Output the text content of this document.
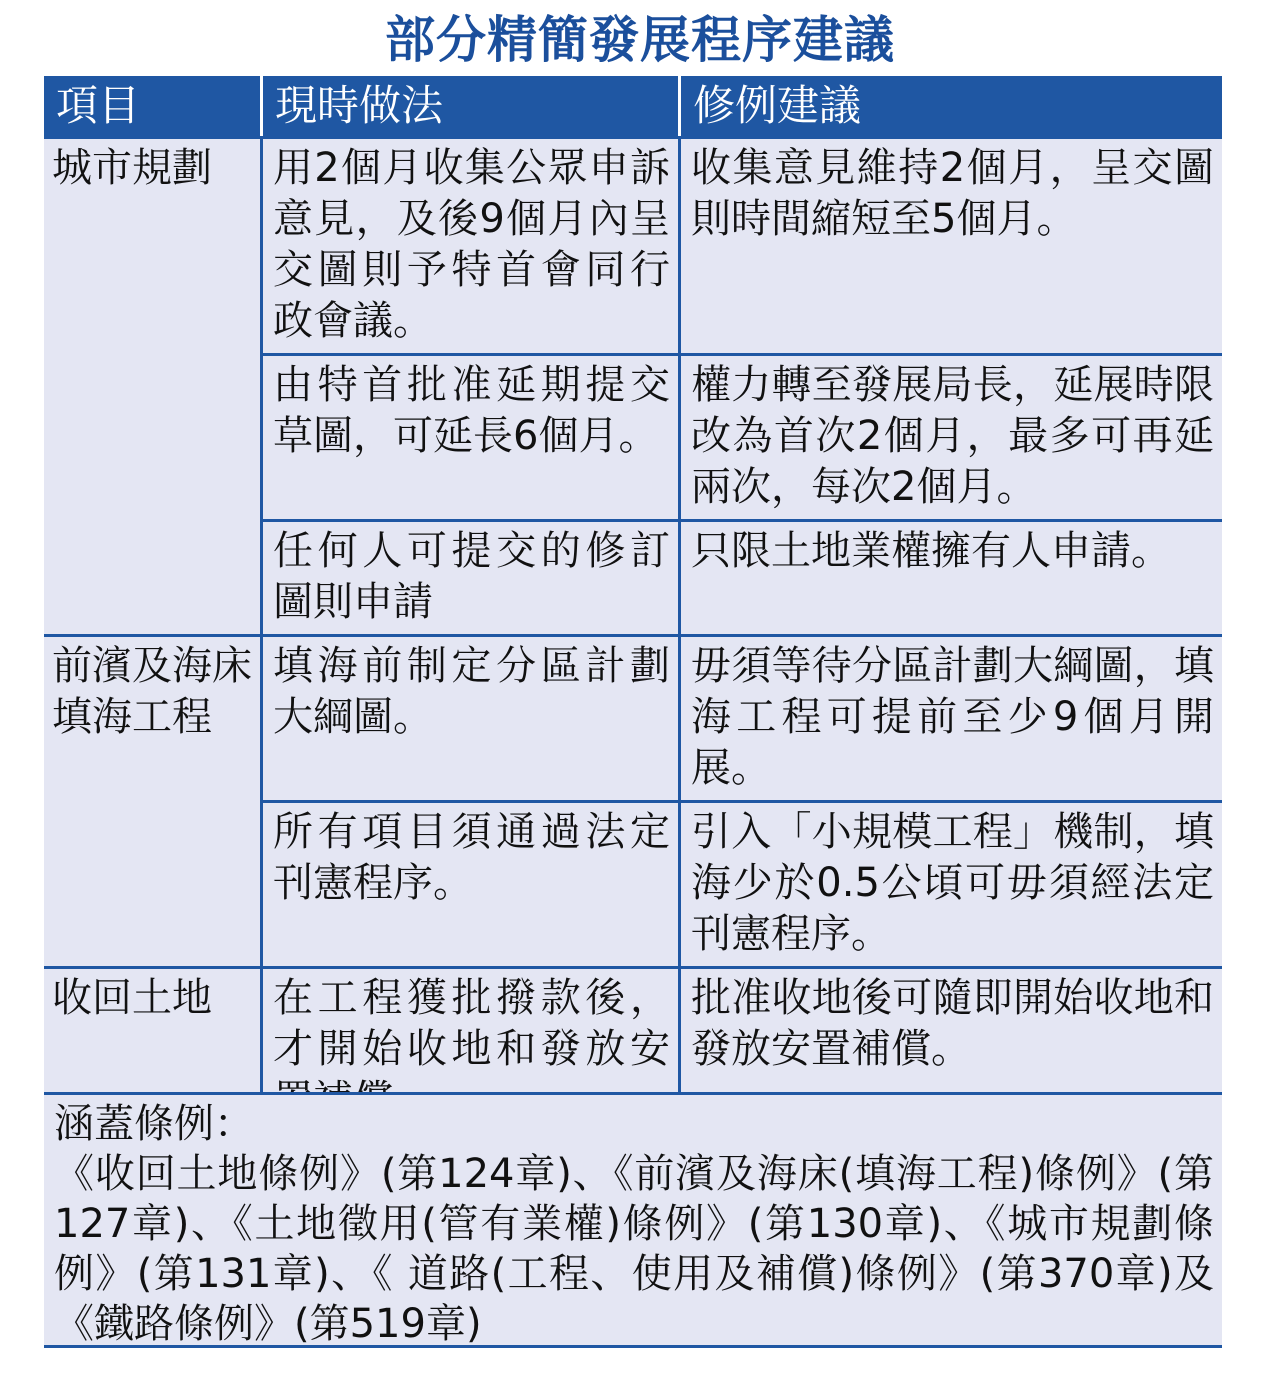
部分精簡發展程序建議
項目	現時做法	修例建議
城市規劃	用2個月收集公眾申訴意見，及後9個月內呈交圖則予特首會同行政會議。	收集意見維持2個月，呈交圖則時間縮短至5個月。
	由特首批准延期提交草圖，可延長6個月。	權力轉至發展局長，延展時限改為首次2個月，最多可再延兩次，每次2個月。
	任何人可提交的修訂圖則申請	只限土地業權擁有人申請。
前濱及海床填海工程	填海前制定分區計劃大綱圖。	毋須等待分區計劃大綱圖，填海工程可提前至少9個月開展。
	所有項目須通過法定刊憲程序。	引入「小規模工程」機制，填海少於0.5公頃可毋須經法定刊憲程序。
收回土地	在工程獲批撥款後，才開始收地和發放安	批准收地後可隨即開始收地和發放安置補償。
涵蓋條例：
《收回土地條例》(第124章)、《前濱及海床(填海工程)條例》(第127章)、《土地徵用(管有業權)條例》(第130章)、《城市規劃條例》(第131章)、《 道路(工程、使用及補償)條例》(第370章)及《鐵路條例》(第519章)
